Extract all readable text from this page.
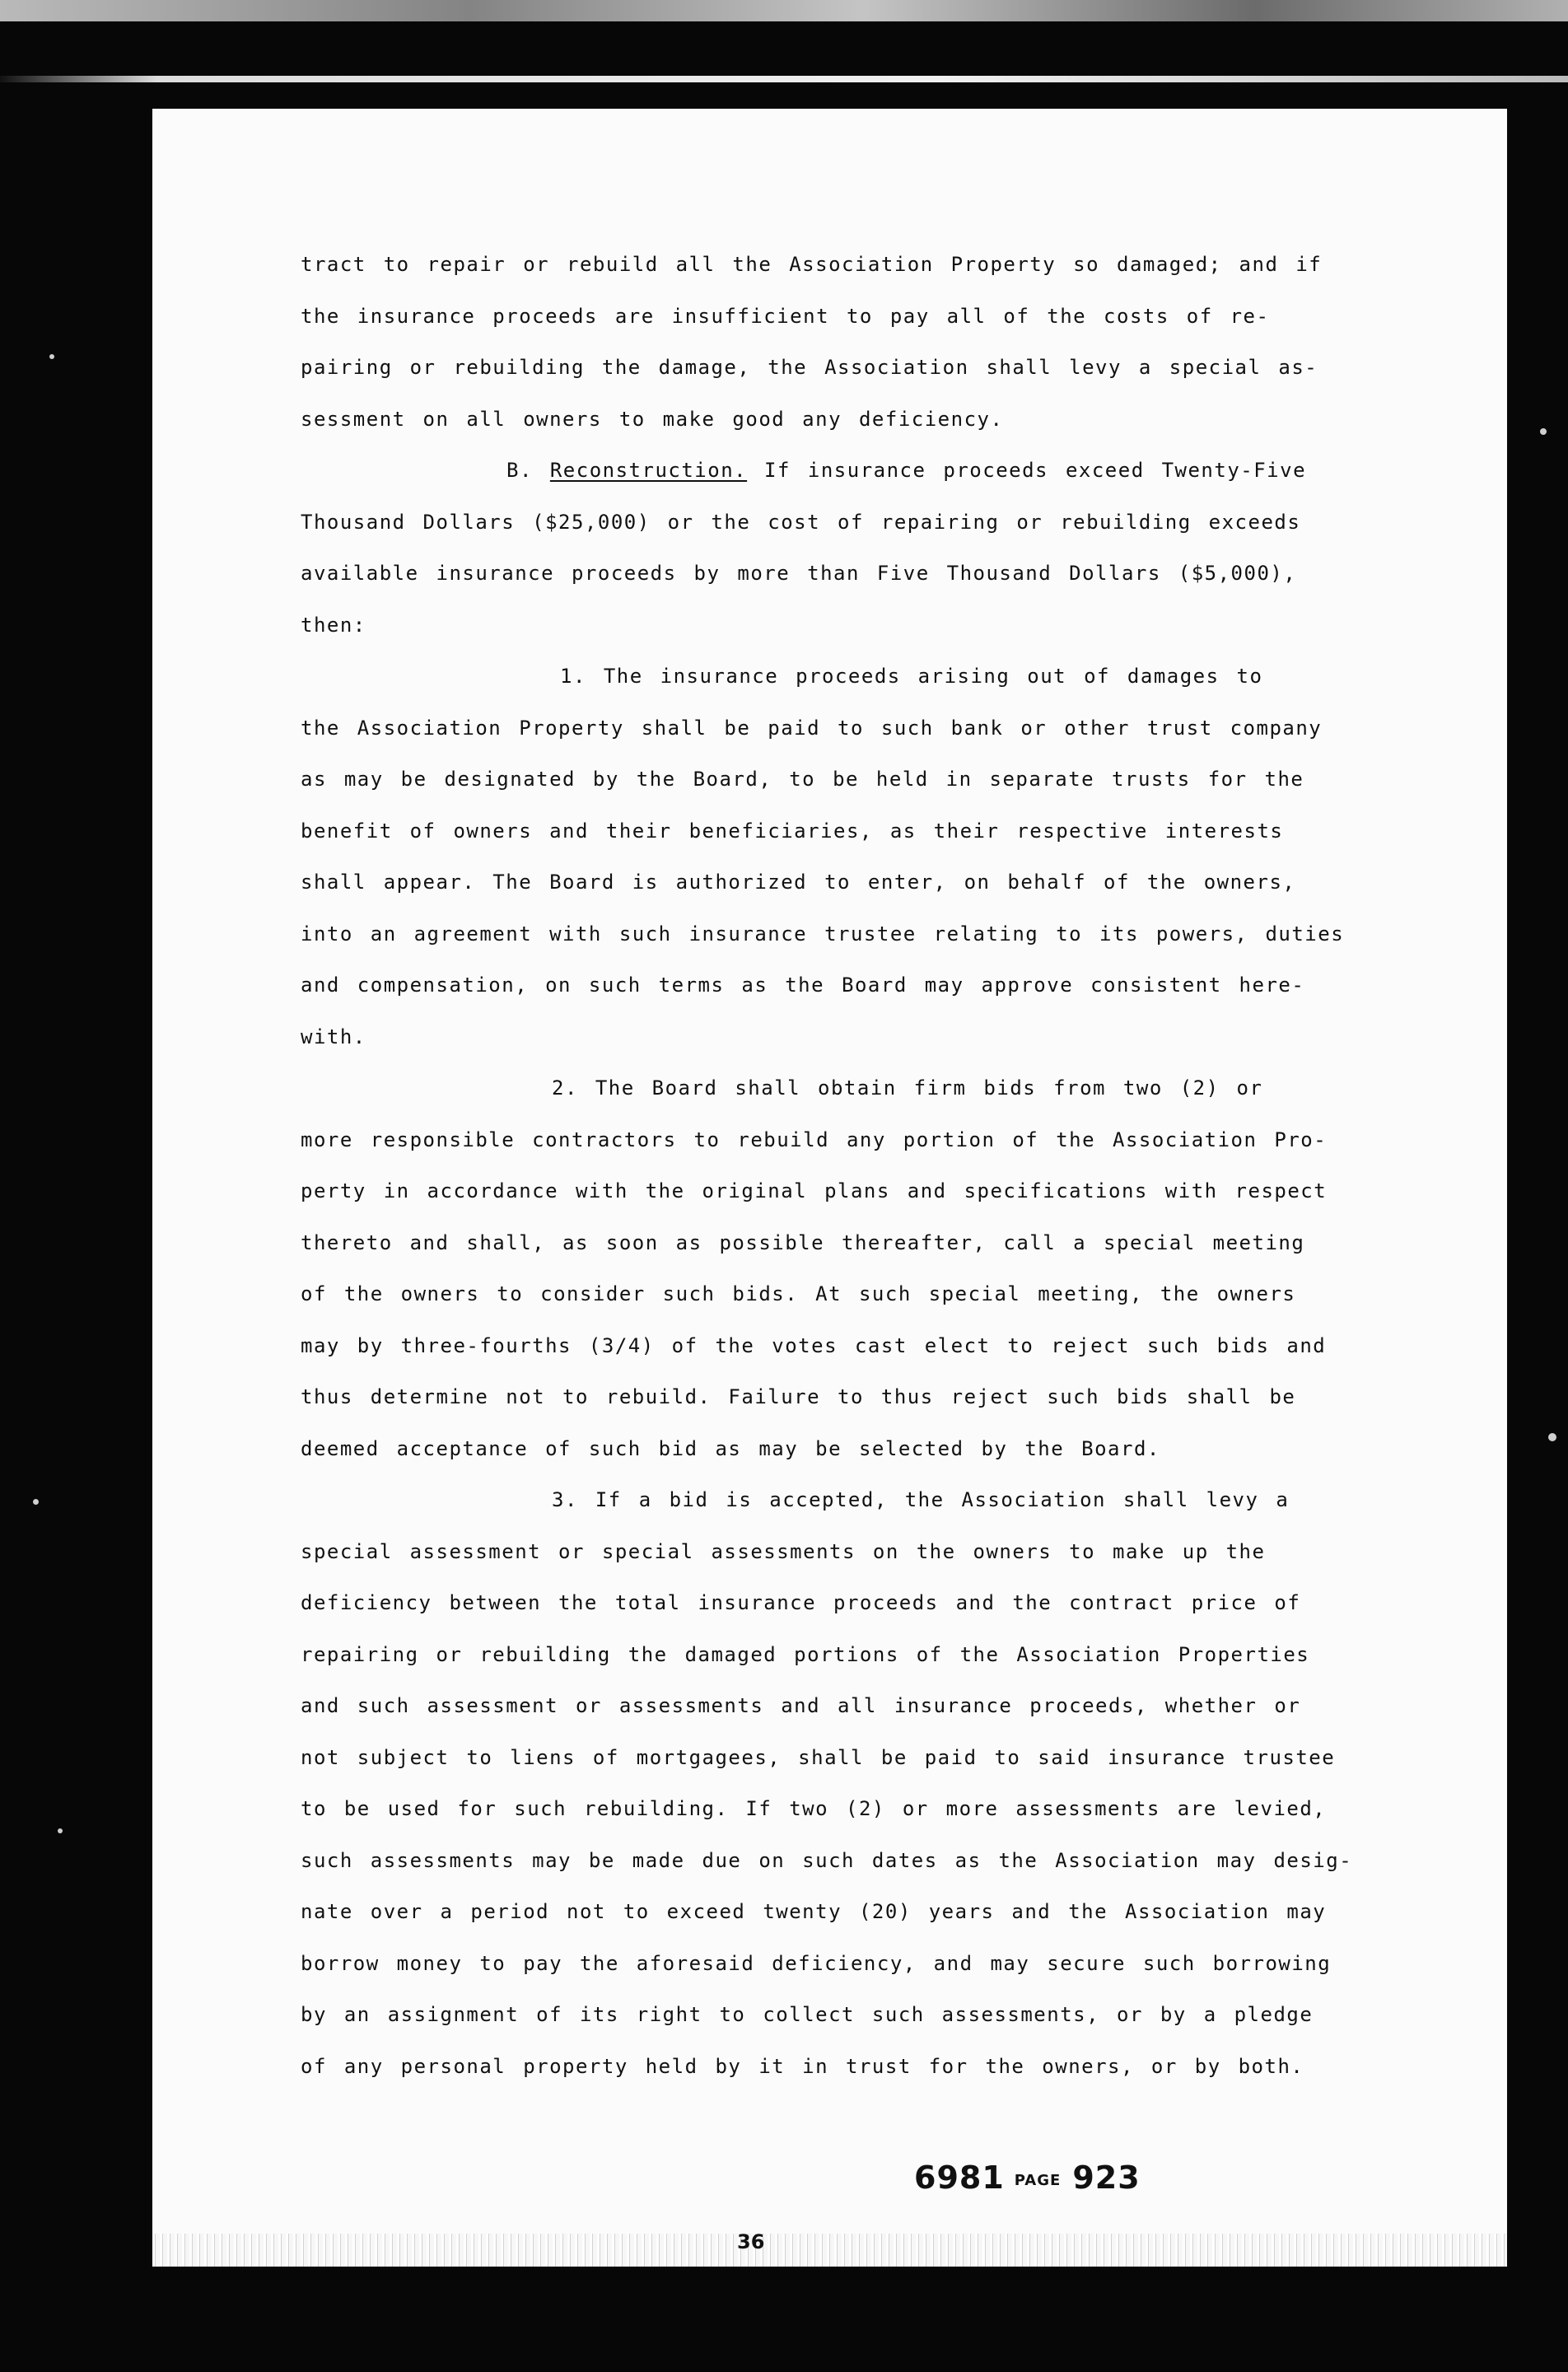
tract to repair or rebuild all the Association Property so damaged; and if
the insurance proceeds are insufficient to pay all of the costs of re-
pairing or rebuilding the damage, the Association shall levy a special as-
sessment on all owners to make good any deficiency.
B. Reconstruction. If insurance proceeds exceed Twenty-Five
Thousand Dollars ($25,000) or the cost of repairing or rebuilding exceeds
available insurance proceeds by more than Five Thousand Dollars ($5,000),
then:
1. The insurance proceeds arising out of damages to
the Association Property shall be paid to such bank or other trust company
as may be designated by the Board, to be held in separate trusts for the
benefit of owners and their beneficiaries, as their respective interests
shall appear. The Board is authorized to enter, on behalf of the owners,
into an agreement with such insurance trustee relating to its powers, duties
and compensation, on such terms as the Board may approve consistent here-
with.
2. The Board shall obtain firm bids from two (2) or
more responsible contractors to rebuild any portion of the Association Pro-
perty in accordance with the original plans and specifications with respect
thereto and shall, as soon as possible thereafter, call a special meeting
of the owners to consider such bids. At such special meeting, the owners
may by three-fourths (3/4) of the votes cast elect to reject such bids and
thus determine not to rebuild. Failure to thus reject such bids shall be
deemed acceptance of such bid as may be selected by the Board.
3. If a bid is accepted, the Association shall levy a
special assessment or special assessments on the owners to make up the
deficiency between the total insurance proceeds and the contract price of
repairing or rebuilding the damaged portions of the Association Properties
and such assessment or assessments and all insurance proceeds, whether or
not subject to liens of mortgagees, shall be paid to said insurance trustee
to be used for such rebuilding. If two (2) or more assessments are levied,
such assessments may be made due on such dates as the Association may desig-
nate over a period not to exceed twenty (20) years and the Association may
borrow money to pay the aforesaid deficiency, and may secure such borrowing
by an assignment of its right to collect such assessments, or by a pledge
of any personal property held by it in trust for the owners, or by both.
6981 PAGE 923
36
